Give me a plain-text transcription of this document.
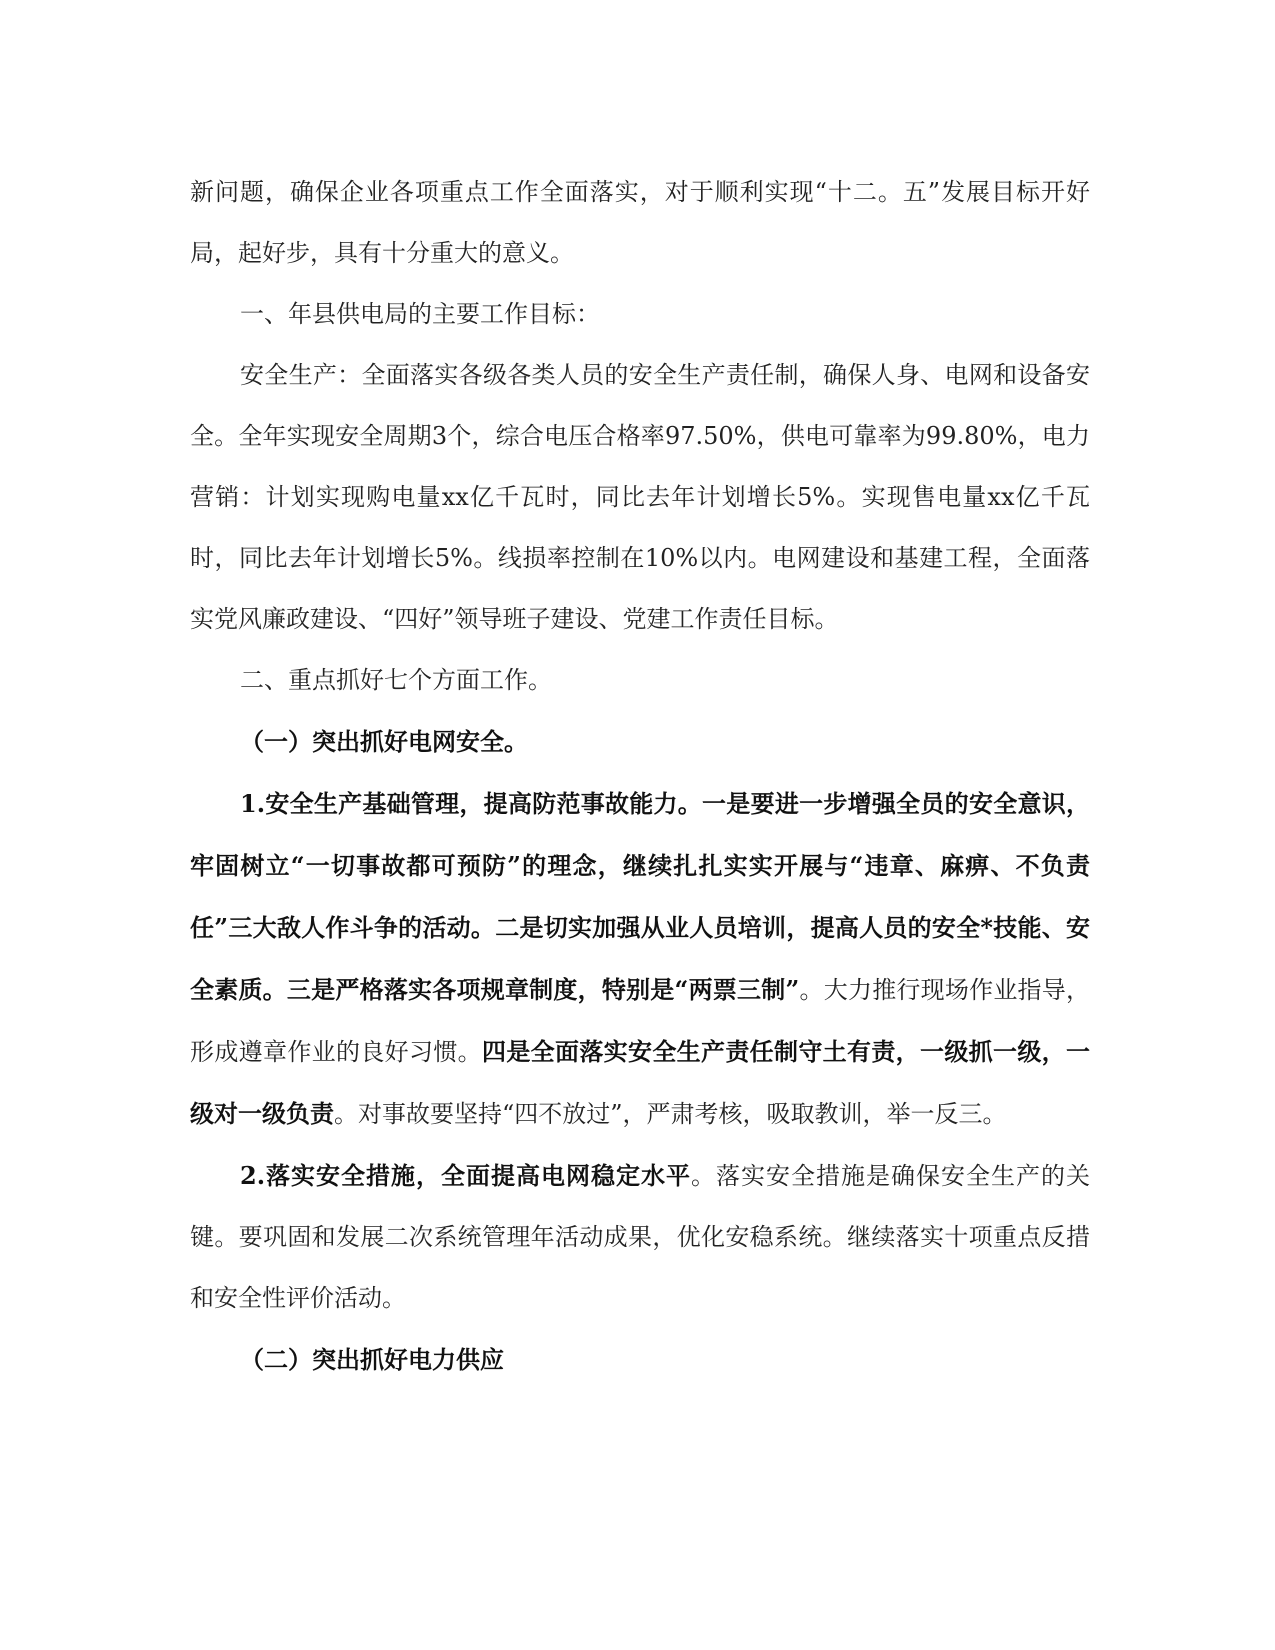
新问题，确保企业各项重点工作全面落实，对于顺利实现“十二。五”发展目标开好局，起好步，具有十分重大的意义。

一、年县供电局的主要工作目标：

安全生产：全面落实各级各类人员的安全生产责任制，确保人身、电网和设备安全。全年实现安全周期3个，综合电压合格率97.50%，供电可靠率为99.80%，电力营销：计划实现购电量xx亿千瓦时，同比去年计划增长5%。实现售电量xx亿千瓦时，同比去年计划增长5%。线损率控制在10%以内。电网建设和基建工程，全面落实党风廉政建设、“四好”领导班子建设、党建工作责任目标。

二、重点抓好七个方面工作。

（一）突出抓好电网安全。

1.安全生产基础管理，提高防范事故能力。一是要进一步增强全员的安全意识，牢固树立“一切事故都可预防”的理念，继续扎扎实实开展与“违章、麻痹、不负责任”三大敌人作斗争的活动。二是切实加强从业人员培训，提高人员的安全*技能、安全素质。三是严格落实各项规章制度，特别是“两票三制”。大力推行现场作业指导，形成遵章作业的良好习惯。四是全面落实安全生产责任制守土有责，一级抓一级，一级对一级负责。对事故要坚持“四不放过”，严肃考核，吸取教训，举一反三。

2.落实安全措施，全面提高电网稳定水平。落实安全措施是确保安全生产的关键。要巩固和发展二次系统管理年活动成果，优化安稳系统。继续落实十项重点反措和安全性评价活动。

（二）突出抓好电力供应
